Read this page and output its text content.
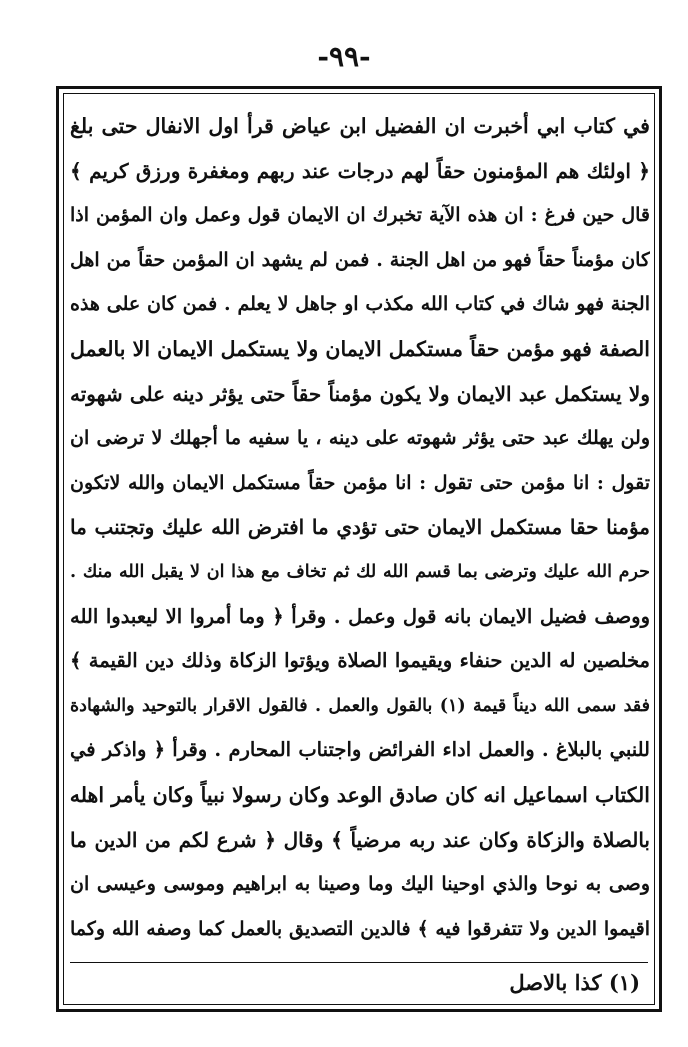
-٩٩-
في كتاب ابي أخبرت ان الفضيل ابن عياض قرأ اول الانفال حتى بلغ
﴿ اولئك هم المؤمنون حقاً لهم درجات عند ربهم ومغفرة ورزق كريم ﴾
قال حين فرغ : ان هذه الآية تخبرك ان الايمان قول وعمل وان المؤمن اذا
كان مؤمناً حقاً فهو من اهل الجنة . فمن لم يشهد ان المؤمن حقاً من اهل
الجنة فهو شاك في كتاب الله مكذب او جاهل لا يعلم . فمن كان على هذه
الصفة فهو مؤمن حقاً مستكمل الايمان ولا يستكمل الايمان الا بالعمل
ولا يستكمل عبد الايمان ولا يكون مؤمناً حقاً حتى يؤثر دينه على شهوته
ولن يهلك عبد حتى يؤثر شهوته على دينه ، يا سفيه ما أجهلك لا ترضى ان
تقول : انا مؤمن حتى تقول : انا مؤمن حقاً مستكمل الايمان والله لاتكون
مؤمنا حقا مستكمل الايمان حتى تؤدي ما افترض الله عليك وتجتنب ما
حرم الله عليك وترضى بما قسم الله لك ثم تخاف مع هذا ان لا يقبل الله منك .
ووصف فضيل الايمان بانه قول وعمل . وقرأ ﴿ وما أمروا الا ليعبدوا الله
مخلصين له الدين حنفاء ويقيموا الصلاة ويؤتوا الزكاة وذلك دين القيمة ﴾
فقد سمى الله ديناً قيمة (١) بالقول والعمل . فالقول الاقرار بالتوحيد والشهادة
للنبي بالبلاغ . والعمل اداء الفرائض واجتناب المحارم . وقرأ ﴿ واذكر في
الكتاب اسماعيل انه كان صادق الوعد وكان رسولا نبياً وكان يأمر اهله
بالصلاة والزكاة وكان عند ربه مرضياً ﴾ وقال ﴿ شرع لكم من الدين ما
وصى به نوحا والذي اوحينا اليك وما وصينا به ابراهيم وموسى وعيسى ان
اقيموا الدين ولا تتفرقوا فيه ﴾ فالدين التصديق بالعمل كما وصفه الله وكما
(١) كذا بالاصل
